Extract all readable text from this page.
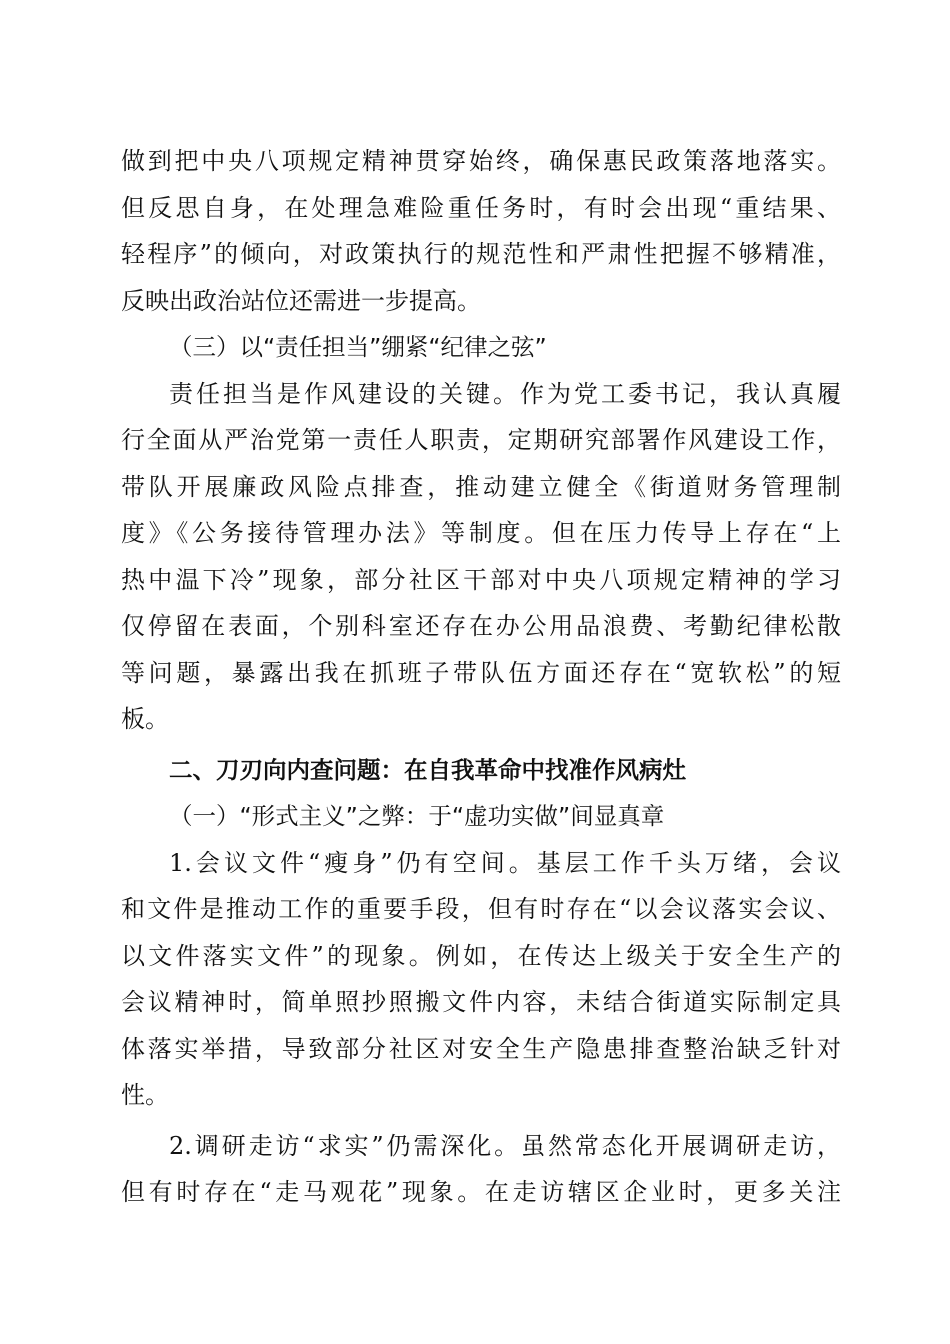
做到把中央八项规定精神贯穿始终，确保惠民政策落地落实。
但反思自身，在处理急难险重任务时，有时会出现“重结果、
轻程序”的倾向，对政策执行的规范性和严肃性把握不够精准，
反映出政治站位还需进一步提高。
（三）以“责任担当”绷紧“纪律之弦”
责任担当是作风建设的关键。作为党工委书记，我认真履
行全面从严治党第一责任人职责，定期研究部署作风建设工作，
带队开展廉政风险点排查，推动建立健全《街道财务管理制
度》《公务接待管理办法》等制度。但在压力传导上存在“上
热中温下冷”现象，部分社区干部对中央八项规定精神的学习
仅停留在表面，个别科室还存在办公用品浪费、考勤纪律松散
等问题，暴露出我在抓班子带队伍方面还存在“宽软松”的短
板。
二、刀刃向内查问题：在自我革命中找准作风病灶
（一）“形式主义”之弊：于“虚功实做”间显真章
1.会议文件“瘦身”仍有空间。基层工作千头万绪，会议
和文件是推动工作的重要手段，但有时存在“以会议落实会议、
以文件落实文件”的现象。例如，在传达上级关于安全生产的
会议精神时，简单照抄照搬文件内容，未结合街道实际制定具
体落实举措，导致部分社区对安全生产隐患排查整治缺乏针对
性。
2.调研走访“求实”仍需深化。虽然常态化开展调研走访，
但有时存在“走马观花”现象。在走访辖区企业时，更多关注
